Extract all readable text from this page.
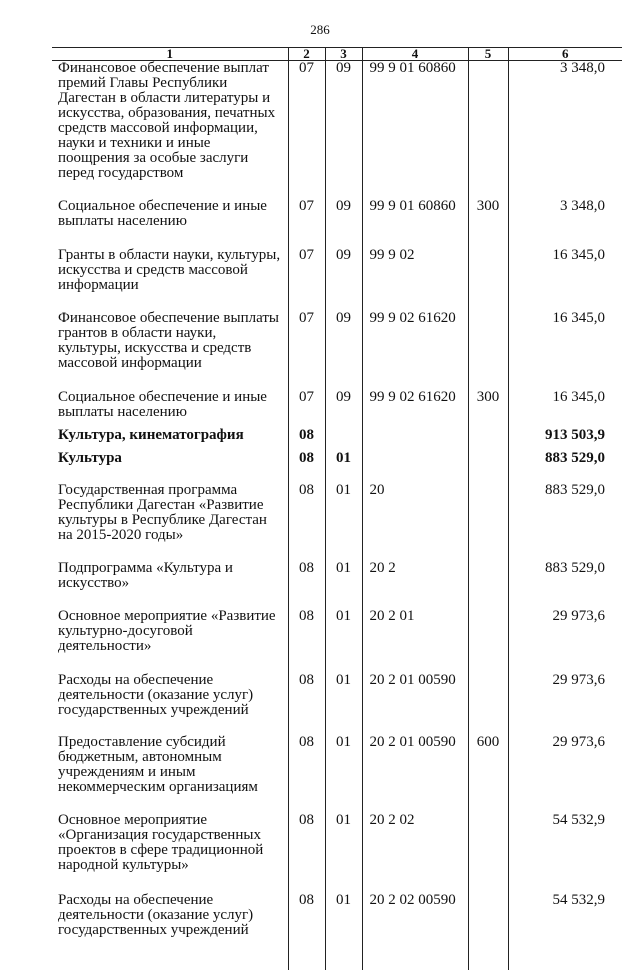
286
1	2	3	4	5	6
Финансовое обеспечение выплат премий Главы Республики Дагестан в области литературы и искусства, образования, печатных средств массовой информации, науки и техники и иные поощрения за особые заслуги перед государством	07	09	99 9 01 60860		3 348,0

Социальное обеспечение и иные выплаты населению	07	09	99 9 01 60860	300	3 348,0

Гранты в области науки, культуры, искусства и средств массовой информации	07	09	99 9 02		16 345,0

Финансовое обеспечение выплаты грантов в области науки, культуры, искусства и средств массовой информации	07	09	99 9 02 61620		16 345,0

Социальное обеспечение и иные выплаты населению	07	09	99 9 02 61620	300	16 345,0

Культура, кинематография	08				913 503,9

Культура	08	01			883 529,0

Государственная программа Республики Дагестан «Развитие культуры в Республике Дагестан на 2015-2020 годы»	08	01	20		883 529,0

Подпрограмма «Культура и искусство»	08	01	20 2		883 529,0

Основное мероприятие «Развитие культурно-досуговой деятельности»	08	01	20 2 01		29 973,6

Расходы на обеспечение деятельности (оказание услуг) государственных учреждений	08	01	20 2 01 00590		29 973,6

Предоставление субсидий бюджетным, автономным учреждениям и иным некоммерческим организациям	08	01	20 2 01 00590	600	29 973,6

Основное мероприятие «Организация государственных проектов в сфере традиционной народной культуры»	08	01	20 2 02		54 532,9

Расходы на обеспечение деятельности (оказание услуг) государственных учреждений	08	01	20 2 02 00590		54 532,9
